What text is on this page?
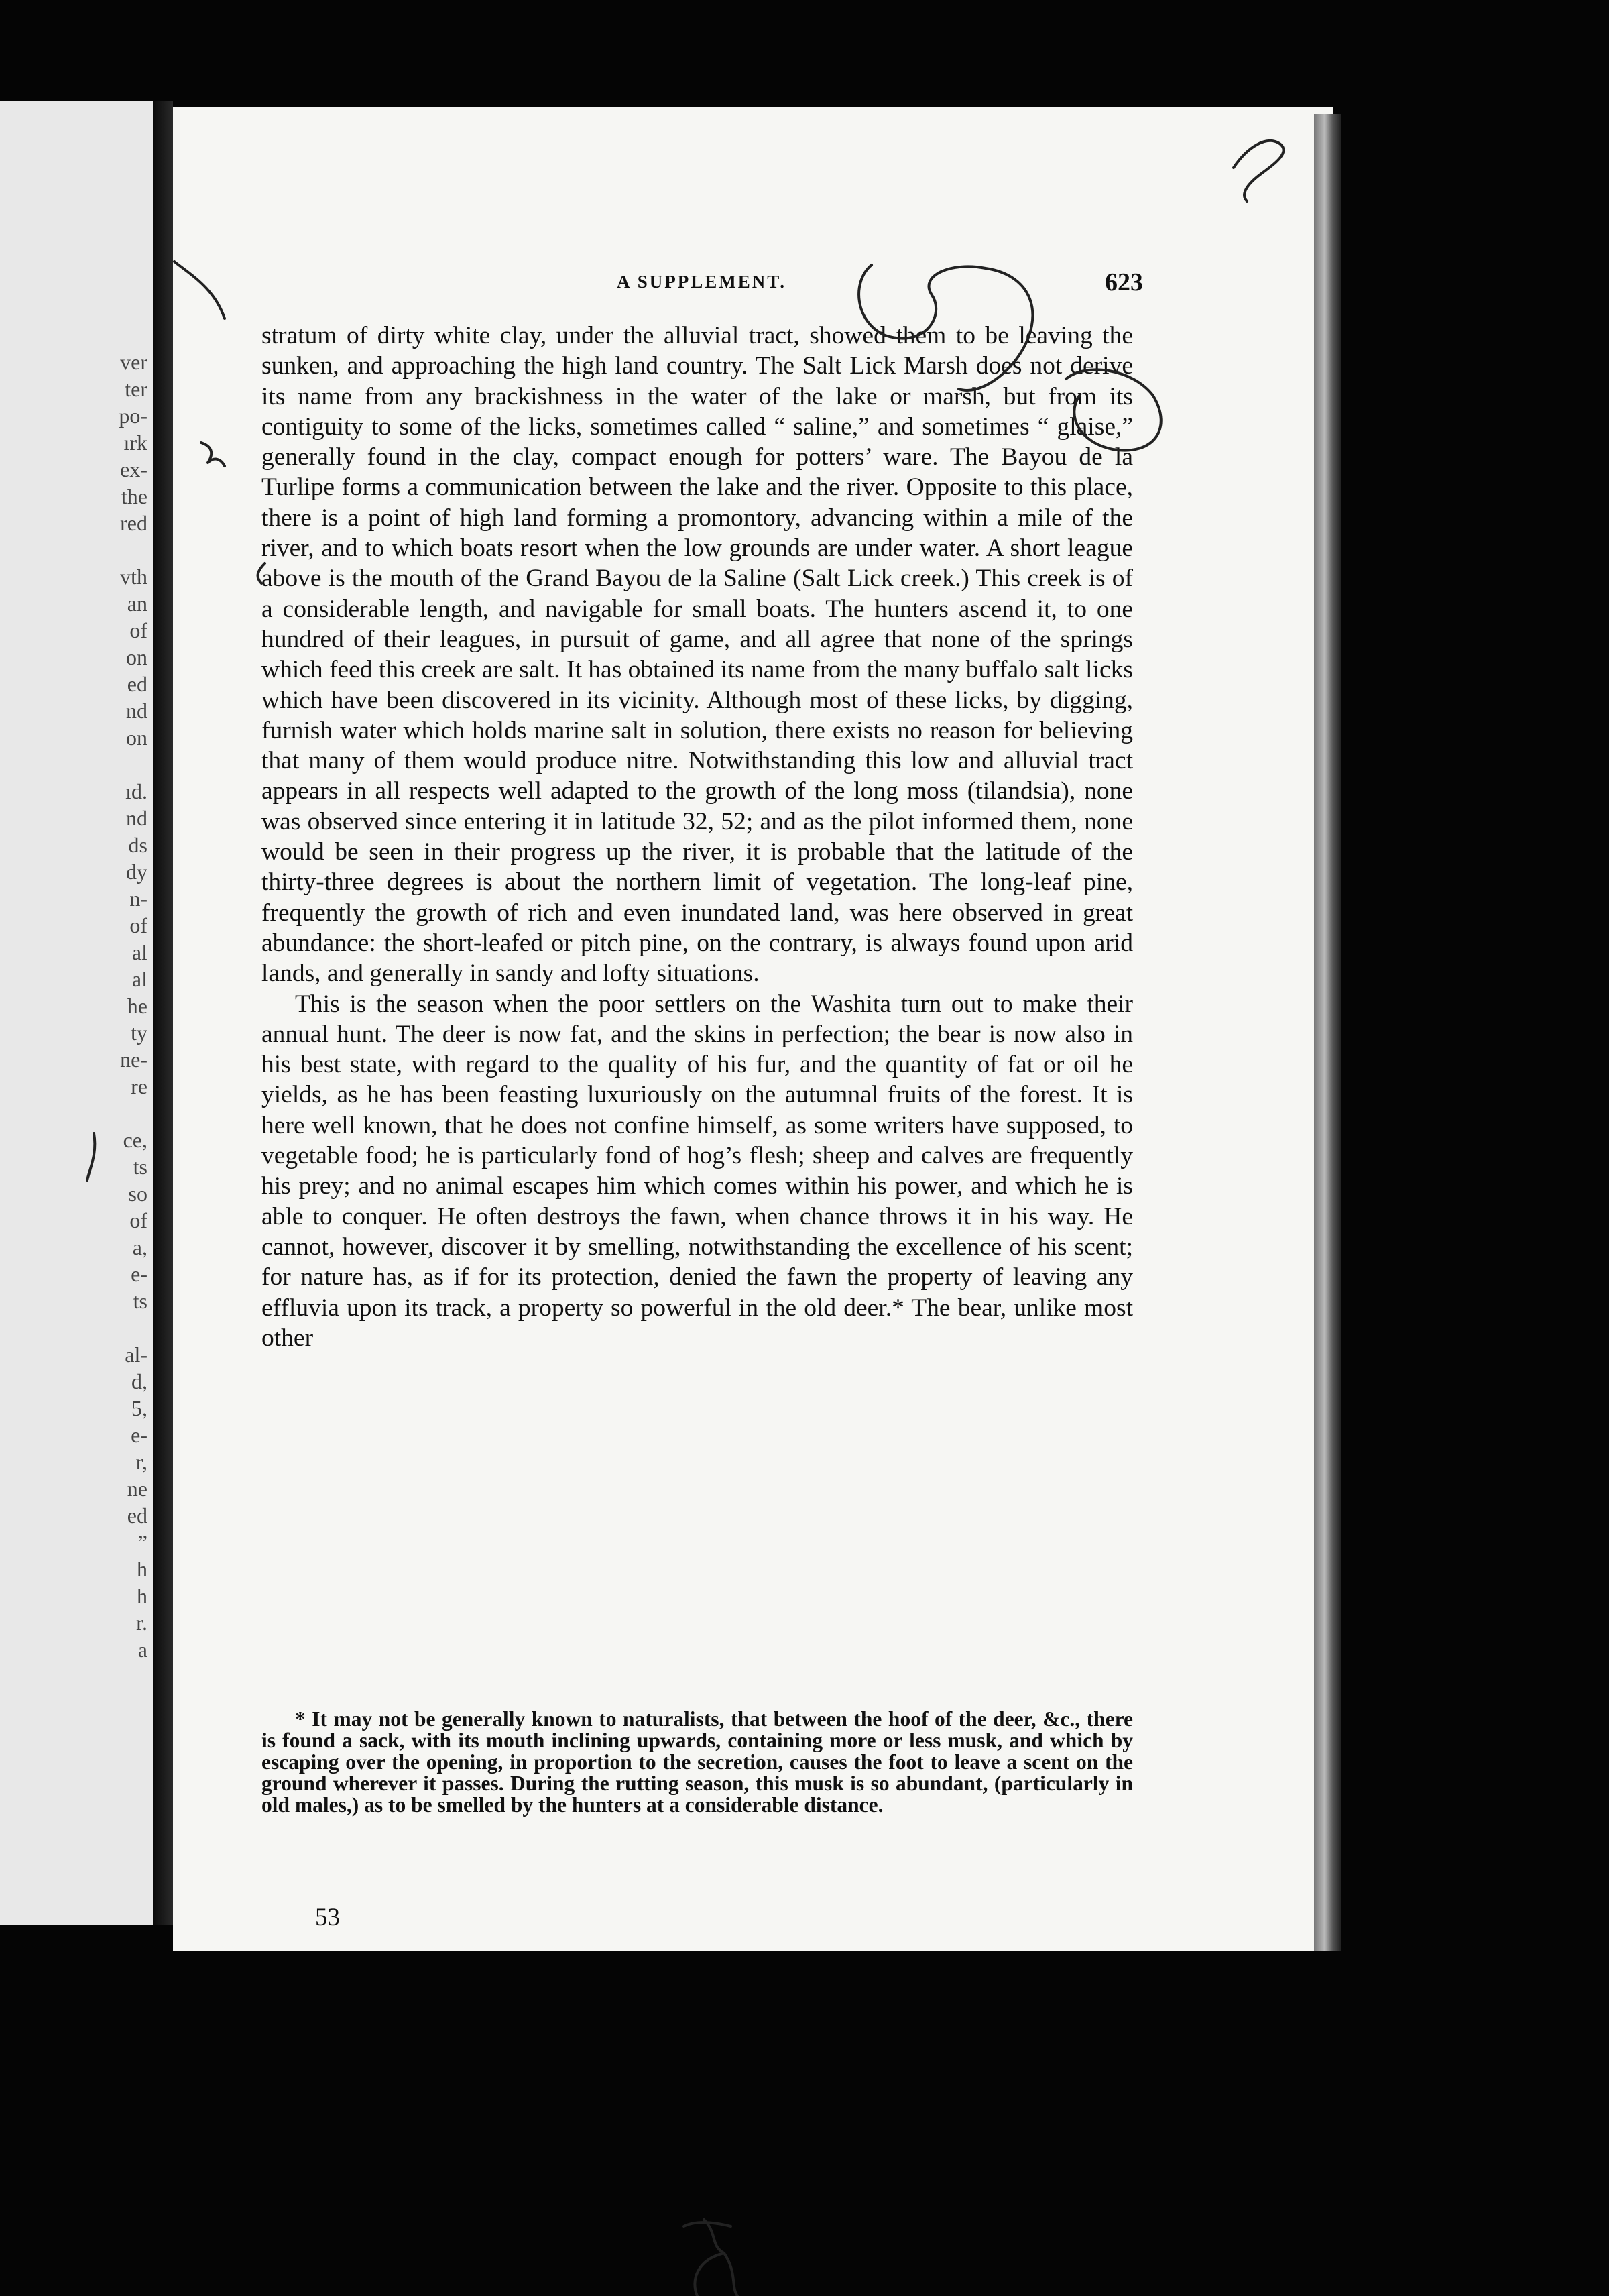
ver
ter
po-
ırk
ex-
the
red
vth
an
of
on
ed
nd
on
ıd.
nd
ds
dy
n-
of
al
al
he
ty
ne-
re
ce,
ts
so
of
a,
e-
ts
al-
d,
5,
e-
r,
ne
ed
”
h
h
r.
a
A SUPPLEMENT.	623

stratum of dirty white clay, under the alluvial tract, showed them to be leaving the sunken, and approaching the high land country. The Salt Lick Marsh does not derive its name from any brackishness in the water of the lake or marsh, but from its contiguity to some of the licks, sometimes called “ saline,” and sometimes “ glaise,” generally found in the clay, compact enough for potters’ ware. The Bayou de la Turlipe forms a communication between the lake and the river. Opposite to this place, there is a point of high land forming a promontory, advancing within a mile of the river, and to which boats resort when the low grounds are under water. A short league above is the mouth of the Grand Bayou de la Saline (Salt Lick creek.) This creek is of a considerable length, and navigable for small boats. The hunters ascend it, to one hundred of their leagues, in pursuit of game, and all agree that none of the springs which feed this creek are salt. It has obtained its name from the many buffalo salt licks which have been discovered in its vicinity. Although most of these licks, by digging, furnish water which holds marine salt in solution, there exists no reason for believing that many of them would produce nitre. Notwithstanding this low and alluvial tract appears in all respects well adapted to the growth of the long moss (tilandsia), none was observed since entering it in latitude 32, 52; and as the pilot informed them, none would be seen in their progress up the river, it is probable that the latitude of the thirty-three degrees is about the northern limit of vegetation. The long-leaf pine, frequently the growth of rich and even inundated land, was here observed in great abundance: the short-leafed or pitch pine, on the contrary, is always found upon arid lands, and generally in sandy and lofty situations.

This is the season when the poor settlers on the Washita turn out to make their annual hunt. The deer is now fat, and the skins in perfection; the bear is now also in his best state, with regard to the quality of his fur, and the quantity of fat or oil he yields, as he has been feasting luxuriously on the autumnal fruits of the forest. It is here well known, that he does not confine himself, as some writers have supposed, to vegetable food; he is particularly fond of hog’s flesh; sheep and calves are frequently his prey; and no animal escapes him which comes within his power, and which he is able to conquer. He often destroys the fawn, when chance throws it in his way. He cannot, however, discover it by smelling, notwithstanding the excellence of his scent; for nature has, as if for its protection, denied the fawn the property of leaving any effluvia upon its track, a property so powerful in the old deer.* The bear, unlike most other

* It may not be generally known to naturalists, that between the hoof of the deer, &c., there is found a sack, with its mouth inclining upwards, containing more or less musk, and which by escaping over the opening, in proportion to the secretion, causes the foot to leave a scent on the ground wherever it passes. During the rutting season, this musk is so abundant, (particularly in old males,) as to be smelled by the hunters at a considerable distance.

53
